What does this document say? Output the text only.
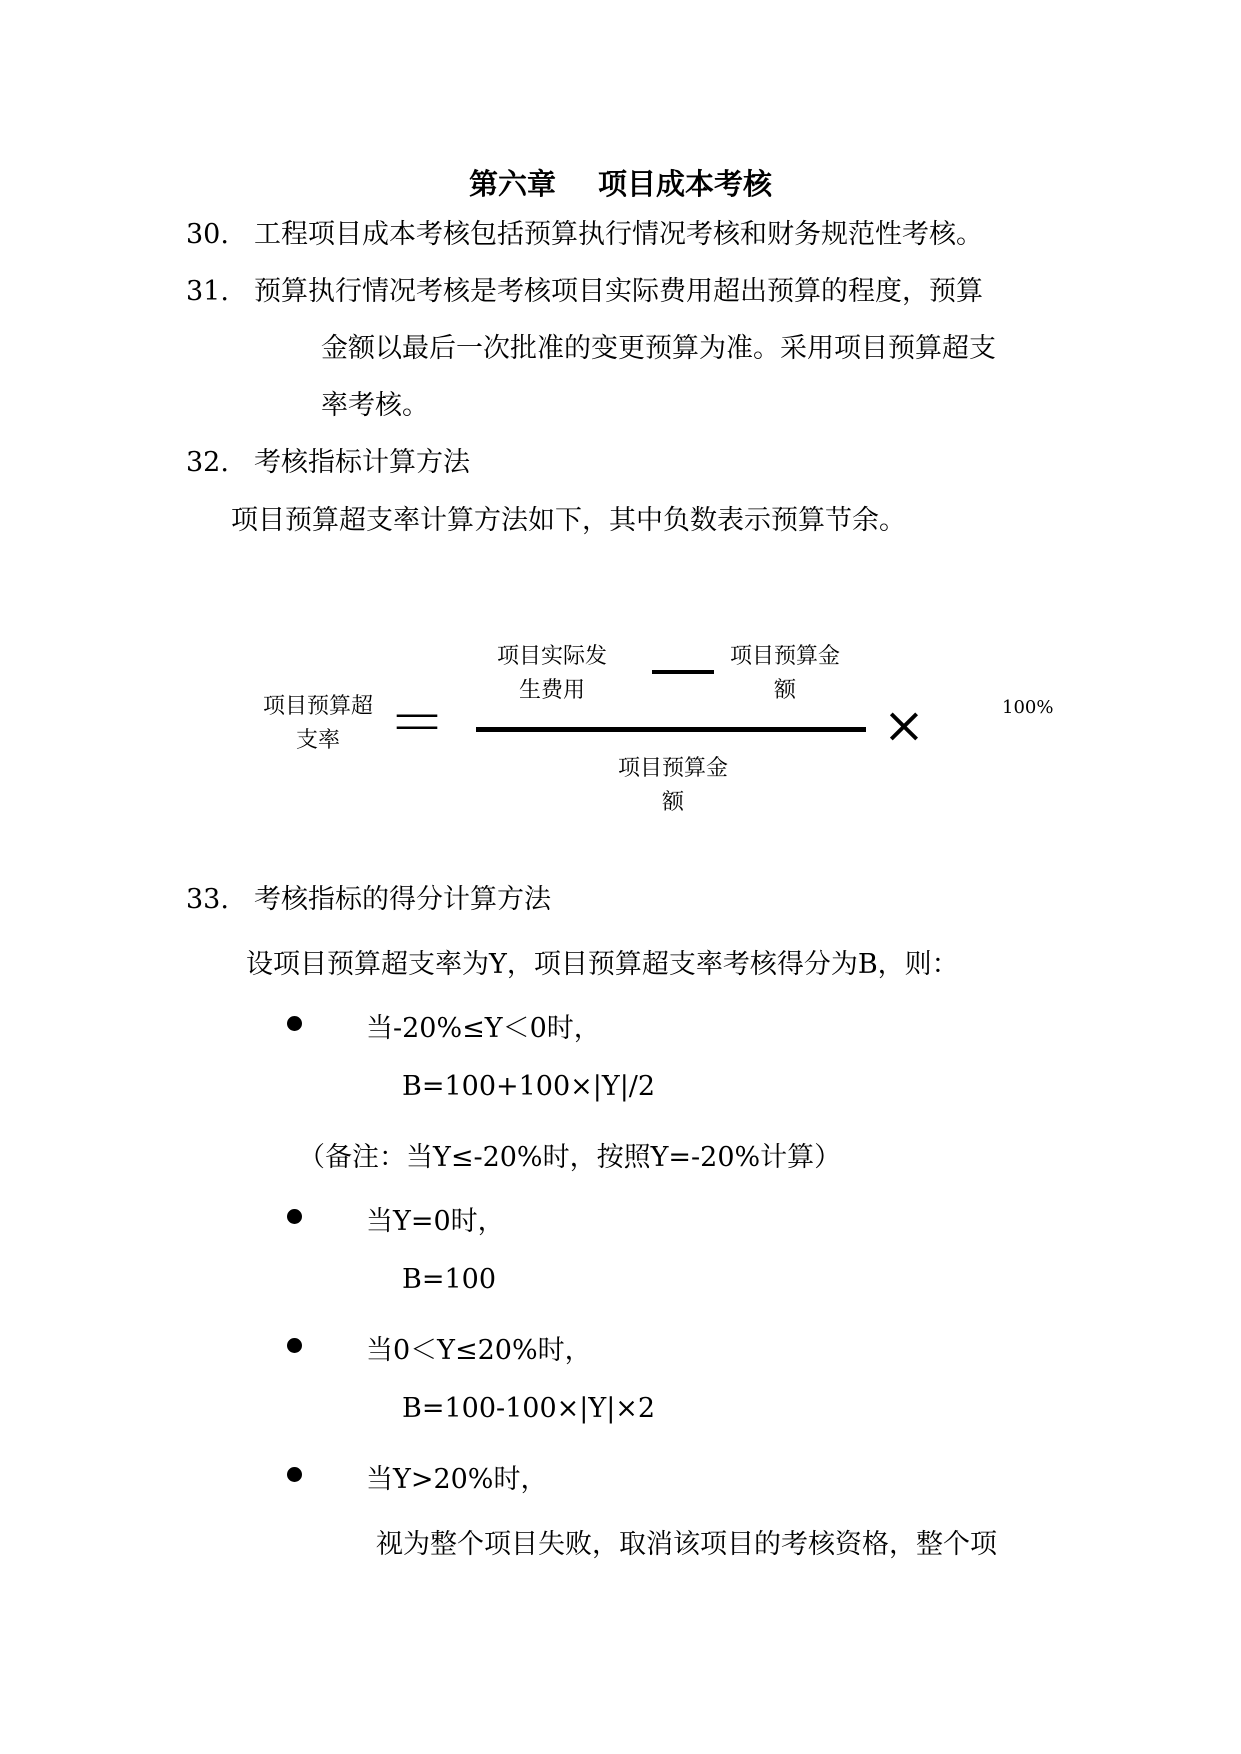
第六章 项目成本考核
30. 工程项目成本考核包括预算执行情况考核和财务规范性考核。
31. 预算执行情况考核是考核项目实际费用超出预算的程度，预算
金额以最后一次批准的变更预算为准。采用项目预算超支
率考核。
32. 考核指标计算方法
项目预算超支率计算方法如下，其中负数表示预算节余。
项目预算超支率 ＝
项目实际发生费用
项目预算金额
项目预算金额
×	100%
33. 考核指标的得分计算方法
设项目预算超支率为Y，项目预算超支率考核得分为B，则：
当-20%≤Y＜0时，
B=100+100×|Y|/2
（备注：当Y≤-20%时，按照Y=-20%计算）
当Y=0时，
B=100
当0＜Y≤20%时，
B=100-100×|Y|×2
当Y>20%时，
视为整个项目失败，取消该项目的考核资格，整个项
